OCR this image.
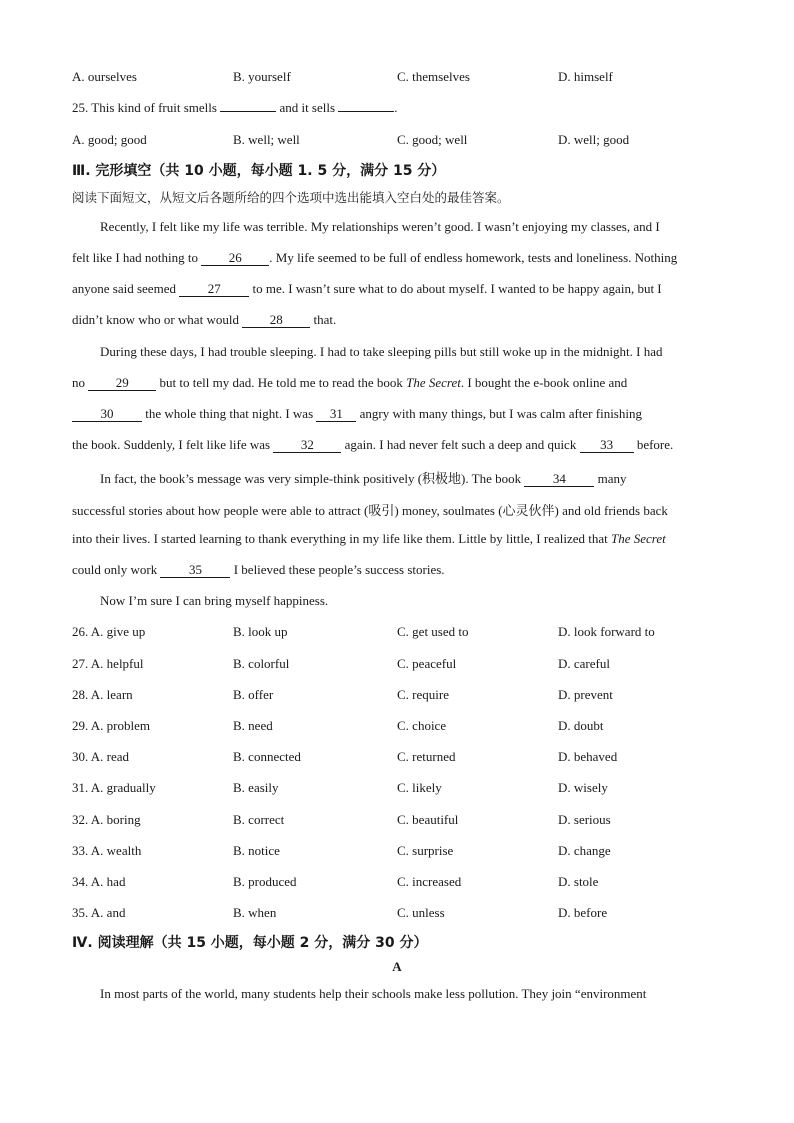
A. ourselves	B. yourself	C. themselves	D. himself
25. This kind of fruit smells	and it sells	.
A. good; good	B. well; well	C. good; well	D. well; good
Ⅲ. 完形填空（共 10 小题，每小题 1. 5 分，满分 15 分）
阅读下面短文，从短文后各题所给的四个选项中选出能填入空白处的最佳答案。
Recently, I felt like my life was terrible. My relationships weren’t good. I wasn’t enjoying my classes, and I
felt like I had nothing to 26 . My life seemed to be full of endless homework, tests and loneliness. Nothing
anyone said seemed 27 to me. I wasn’t sure what to do about myself. I wanted to be happy again, but I
didn’t know who or what would 28 that.
During these days, I had trouble sleeping. I had to take sleeping pills but still woke up in the midnight. I had
no 29 but to tell my dad. He told me to read the book The Secret. I bought the e-book online and
30 the whole thing that night. I was 31 angry with many things, but I was calm after finishing
the book. Suddenly, I felt like life was 32 again. I had never felt such a deep and quick 33 before.
In fact, the book’s message was very simple-think positively (积极地). The book 34 many
successful stories about how people were able to attract (吸引) money, soulmates (心灵伙伴) and old friends back
into their lives. I started learning to thank everything in my life like them. Little by little, I realized that The Secret
could only work 35 I believed these people’s success stories.
Now I’m sure I can bring myself happiness.
26. A. give up	B. look up	C. get used to	D. look forward to
27. A. helpful	B. colorful	C. peaceful	D. careful
28. A. learn	B. offer	C. require	D. prevent
29. A. problem	B. need	C. choice	D. doubt
30. A. read	B. connected	C. returned	D. behaved
31. A. gradually	B. easily	C. likely	D. wisely
32. A. boring	B. correct	C. beautiful	D. serious
33. A. wealth	B. notice	C. surprise	D. change
34. A. had	B. produced	C. increased	D. stole
35. A. and	B. when	C. unless	D. before
Ⅳ. 阅读理解（共 15 小题，每小题 2 分，满分 30 分）
A
In most parts of the world, many students help their schools make less pollution. They join “environment
